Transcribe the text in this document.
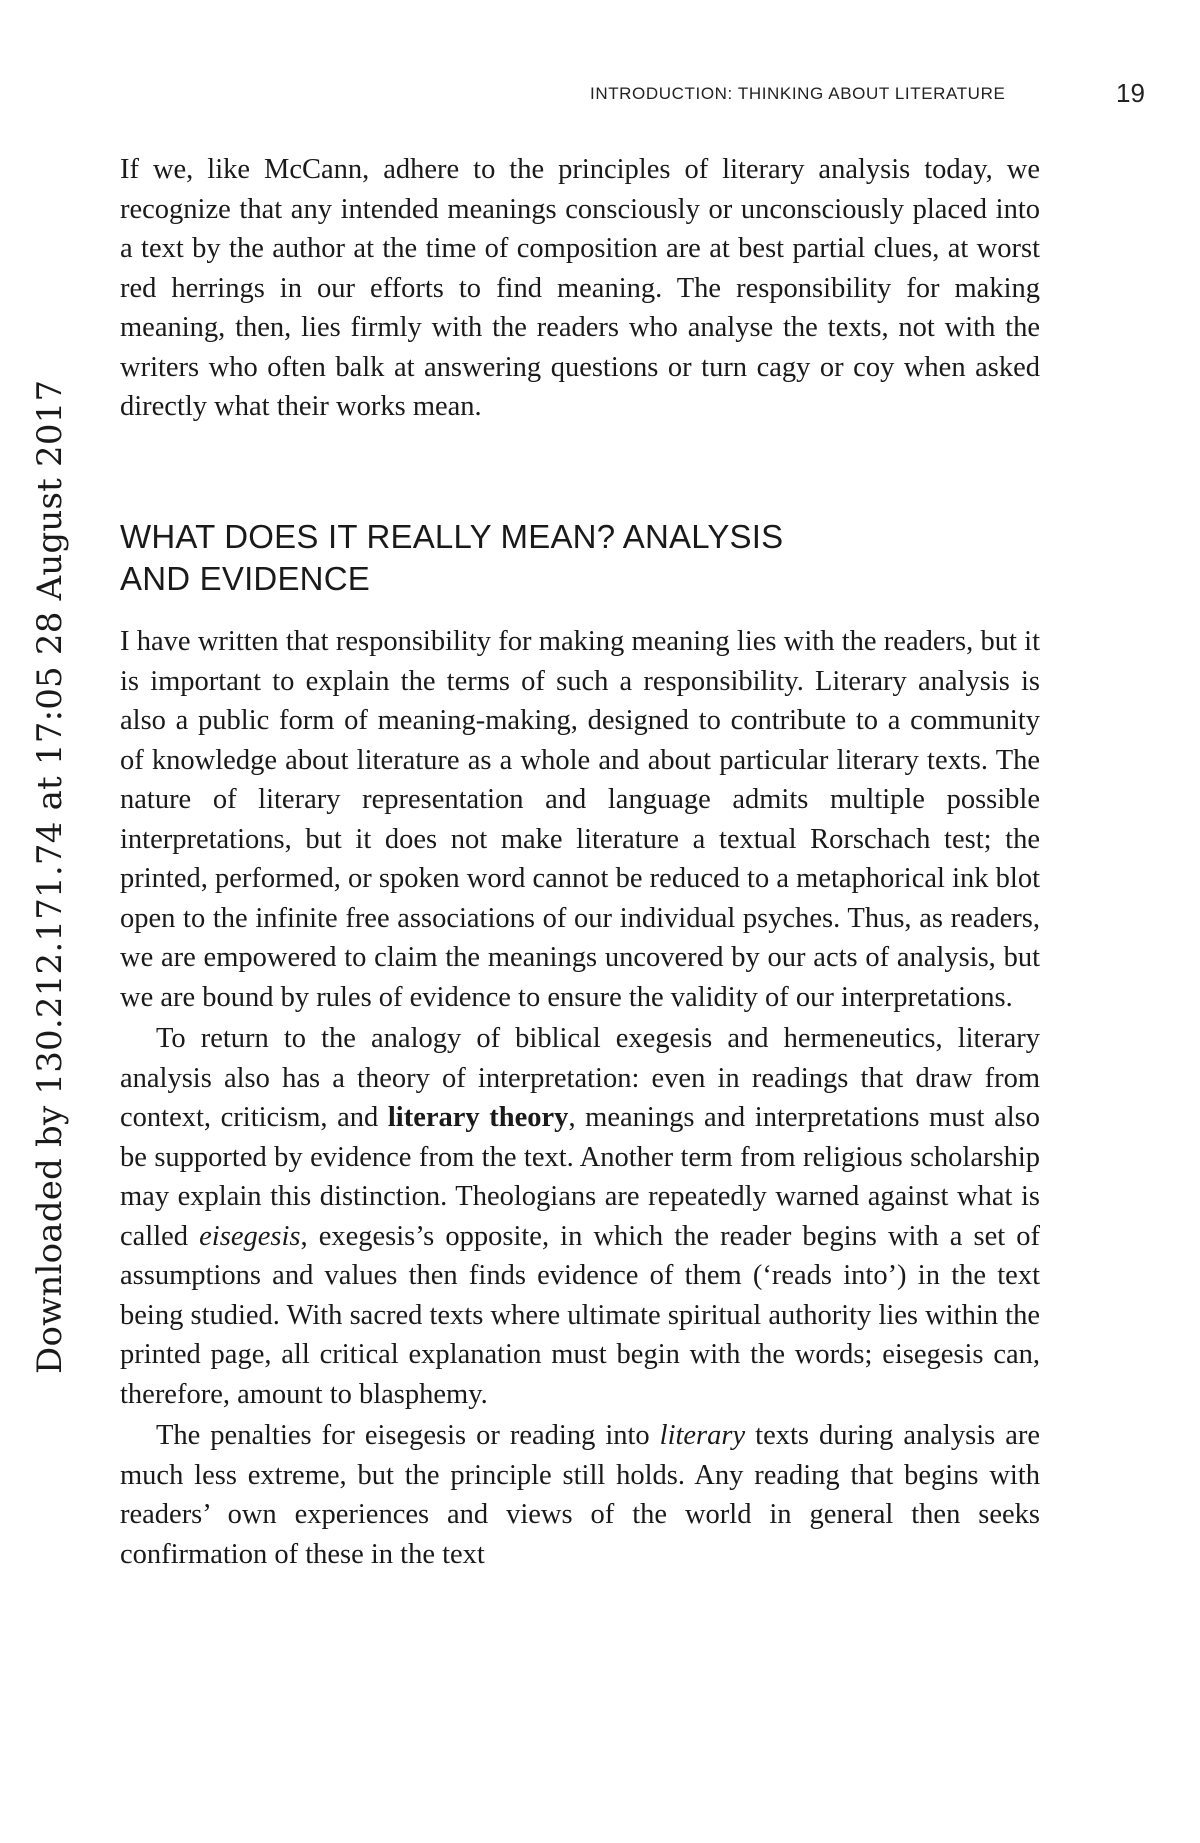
INTRODUCTION: THINKING ABOUT LITERATURE	19
Downloaded by 130.212.171.74 at 17:05 28 August 2017

If we, like McCann, adhere to the principles of literary analysis today, we recognize that any intended meanings consciously or unconsciously placed into a text by the author at the time of composition are at best partial clues, at worst red herrings in our efforts to find meaning. The responsibility for making meaning, then, lies firmly with the readers who analyse the texts, not with the writers who often balk at answering questions or turn cagy or coy when asked directly what their works mean.

WHAT DOES IT REALLY MEAN? ANALYSIS
AND EVIDENCE

I have written that responsibility for making meaning lies with the readers, but it is important to explain the terms of such a responsibility. Literary analysis is also a public form of meaning-making, designed to contribute to a community of knowledge about literature as a whole and about particular literary texts. The nature of literary representation and language admits multiple possible interpretations, but it does not make literature a textual Rorschach test; the printed, performed, or spoken word cannot be reduced to a metaphorical ink blot open to the infinite free associations of our individual psyches. Thus, as readers, we are empowered to claim the meanings uncovered by our acts of analysis, but we are bound by rules of evidence to ensure the validity of our interpretations.

To return to the analogy of biblical exegesis and hermeneutics, literary analysis also has a theory of interpretation: even in readings that draw from context, criticism, and literary theory, meanings and interpretations must also be supported by evidence from the text. Another term from religious scholarship may explain this distinction. Theologians are repeatedly warned against what is called eisegesis, exegesis’s opposite, in which the reader begins with a set of assumptions and values then finds evidence of them (‘reads into’) in the text being studied. With sacred texts where ultimate spiritual authority lies within the printed page, all critical explanation must begin with the words; eisegesis can, therefore, amount to blasphemy.

The penalties for eisegesis or reading into literary texts during analysis are much less extreme, but the principle still holds. Any reading that begins with readers’ own experiences and views of the world in general then seeks confirmation of these in the text
